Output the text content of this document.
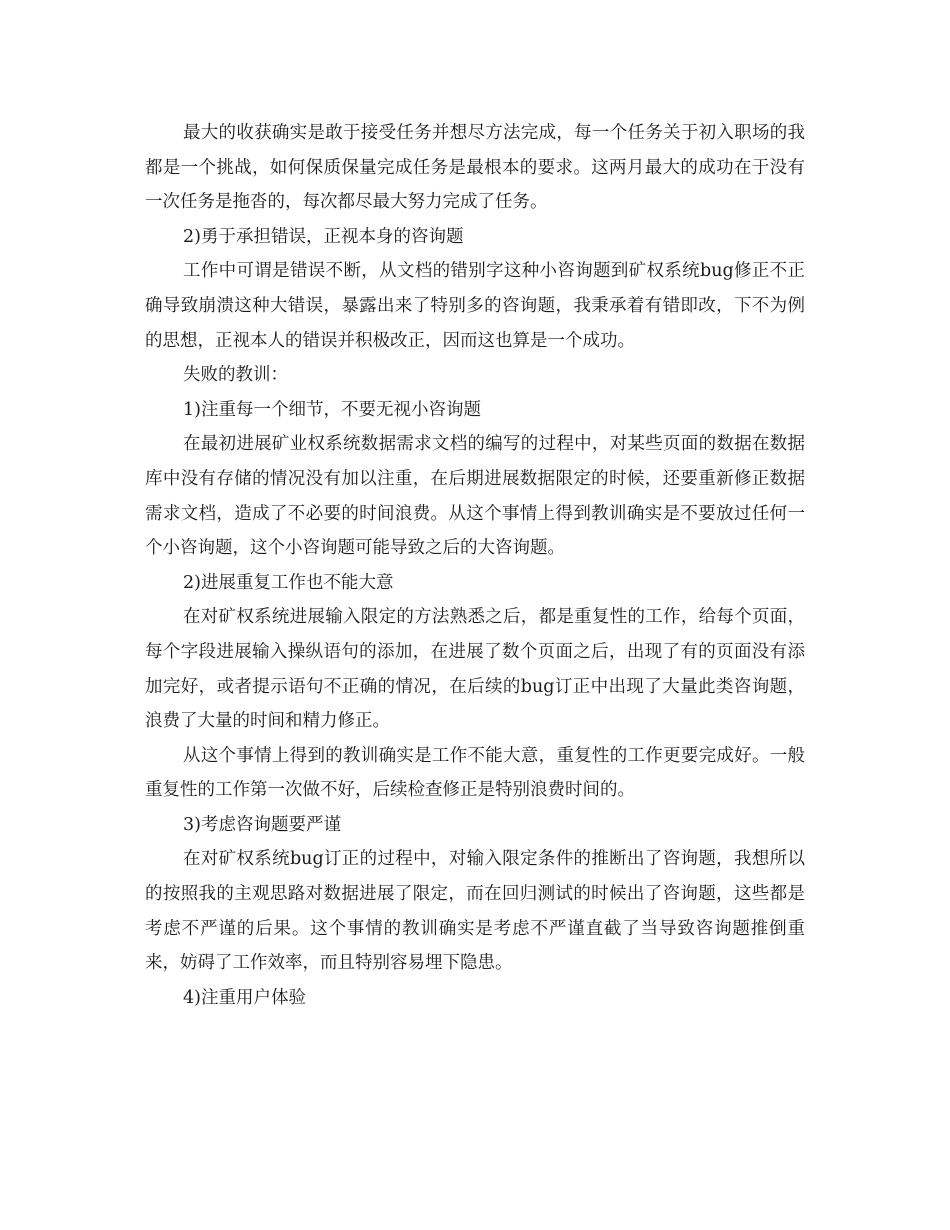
最大的收获确实是敢于接受任务并想尽方法完成，每一个任务关于初入职场的我都是一个挑战，如何保质保量完成任务是最根本的要求。这两月最大的成功在于没有一次任务是拖沓的，每次都尽最大努力完成了任务。

2)勇于承担错误，正视本身的咨询题

工作中可谓是错误不断，从文档的错别字这种小咨询题到矿权系统bug修正不正确导致崩溃这种大错误，暴露出来了特别多的咨询题，我秉承着有错即改，下不为例的思想，正视本人的错误并积极改正，因而这也算是一个成功。

失败的教训：

1)注重每一个细节，不要无视小咨询题

在最初进展矿业权系统数据需求文档的编写的过程中，对某些页面的数据在数据库中没有存储的情况没有加以注重，在后期进展数据限定的时候，还要重新修正数据需求文档，造成了不必要的时间浪费。从这个事情上得到教训确实是不要放过任何一个小咨询题，这个小咨询题可能导致之后的大咨询题。

2)进展重复工作也不能大意

在对矿权系统进展输入限定的方法熟悉之后，都是重复性的工作，给每个页面，每个字段进展输入操纵语句的添加，在进展了数个页面之后，出现了有的页面没有添加完好，或者提示语句不正确的情况，在后续的bug订正中出现了大量此类咨询题，浪费了大量的时间和精力修正。

从这个事情上得到的教训确实是工作不能大意，重复性的工作更要完成好。一般重复性的工作第一次做不好，后续检查修正是特别浪费时间的。

3)考虑咨询题要严谨

在对矿权系统bug订正的过程中，对输入限定条件的推断出了咨询题，我想所以的按照我的主观思路对数据进展了限定，而在回归测试的时候出了咨询题，这些都是考虑不严谨的后果。这个事情的教训确实是考虑不严谨直截了当导致咨询题推倒重来，妨碍了工作效率，而且特别容易埋下隐患。

4)注重用户体验
